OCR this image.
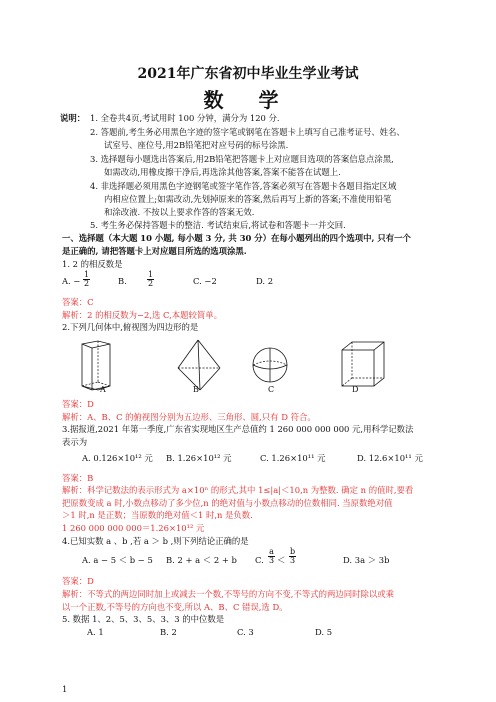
2021年广东省初中毕业生学业考试
数 学
说明： 1. 全卷共4页,考试用时 100 分钟，满分为 120 分.
2. 答题前,考生务必用黑色字迹的签字笔或钢笔在答题卡上填写自己准考证号、姓名、
试室号、座位号,用2B铅笔把对应号码的标号涂黑.
3. 选择题每小题选出答案后,用2B铅笔把答题卡上对应题目选项的答案信息点涂黑,
如需改动,用橡皮擦干净后,再选涂其他答案,答案不能答在试题上.
4. 非选择题必须用黑色字迹钢笔或签字笔作答,答案必须写在答题卡各题目指定区域
内相应位置上;如需改动,先划掉原来的答案,然后再写上新的答案;不准使用铅笔
和涂改液. 不按以上要求作答的答案无效.
5. 考生务必保持答题卡的整洁. 考试结束后,将试卷和答题卡一并交回.
一、选择题（本大题 10 小题, 每小题 3 分, 共 30 分）在每小题列出的四个选项中, 只有一个
是正确的, 请把答题卡上对应题目所选的选项涂黑.
1. 2 的相反数是
A. − $\frac{1}{2}$	B.	$\frac{1}{2}$	C. −2	D. 2
答案：C
解析：2 的相反数为−2,选 C,本题较简单。
2.下列几何体中,俯视图为四边形的是
A	B	C	D
答案：D
解析：A、B、C 的俯视图分别为五边形、三角形、圆,只有 D 符合。
3.据报道,2021 年第一季度,广东省实现地区生产总值约 1 260 000 000 000 元,用科学记数法
表示为
A. 0.126×10¹² 元 B. 1.26×10¹² 元	C. 1.26×10¹¹ 元	D. 12.6×10¹¹ 元
答案：B
解析：科学记数法的表示形式为 a×10ⁿ 的形式,其中 1≤|a|＜10,n 为整数. 确定 n 的值时,要看
把原数变成 a 时,小数点移动了多少位,n 的绝对值与小数点移动的位数相同. 当原数绝对值
＞1 时,n 是正数；当原数的绝对值＜1 时,n 是负数.
1 260 000 000 000＝1.26×10¹² 元
4.已知实数 a 、b ,若 a ＞ b ,则下列结论正确的是
A. a − 5 ＜ b − 5 B. 2 + a ＜ 2 + b C. $\frac{a}{3} < \frac{b}{3}$	D. 3a ＞ 3b
答案：D
解析：不等式的两边同时加上或减去一个数,不等号的方向不变,不等式的两边同时除以或乘
以一个正数,不等号的方向也不变,所以 A、B、C 错误,选 D。
5. 数据 1、2、5、3、5、3、3 的中位数是
A. 1	B. 2	C. 3	D. 5
1
